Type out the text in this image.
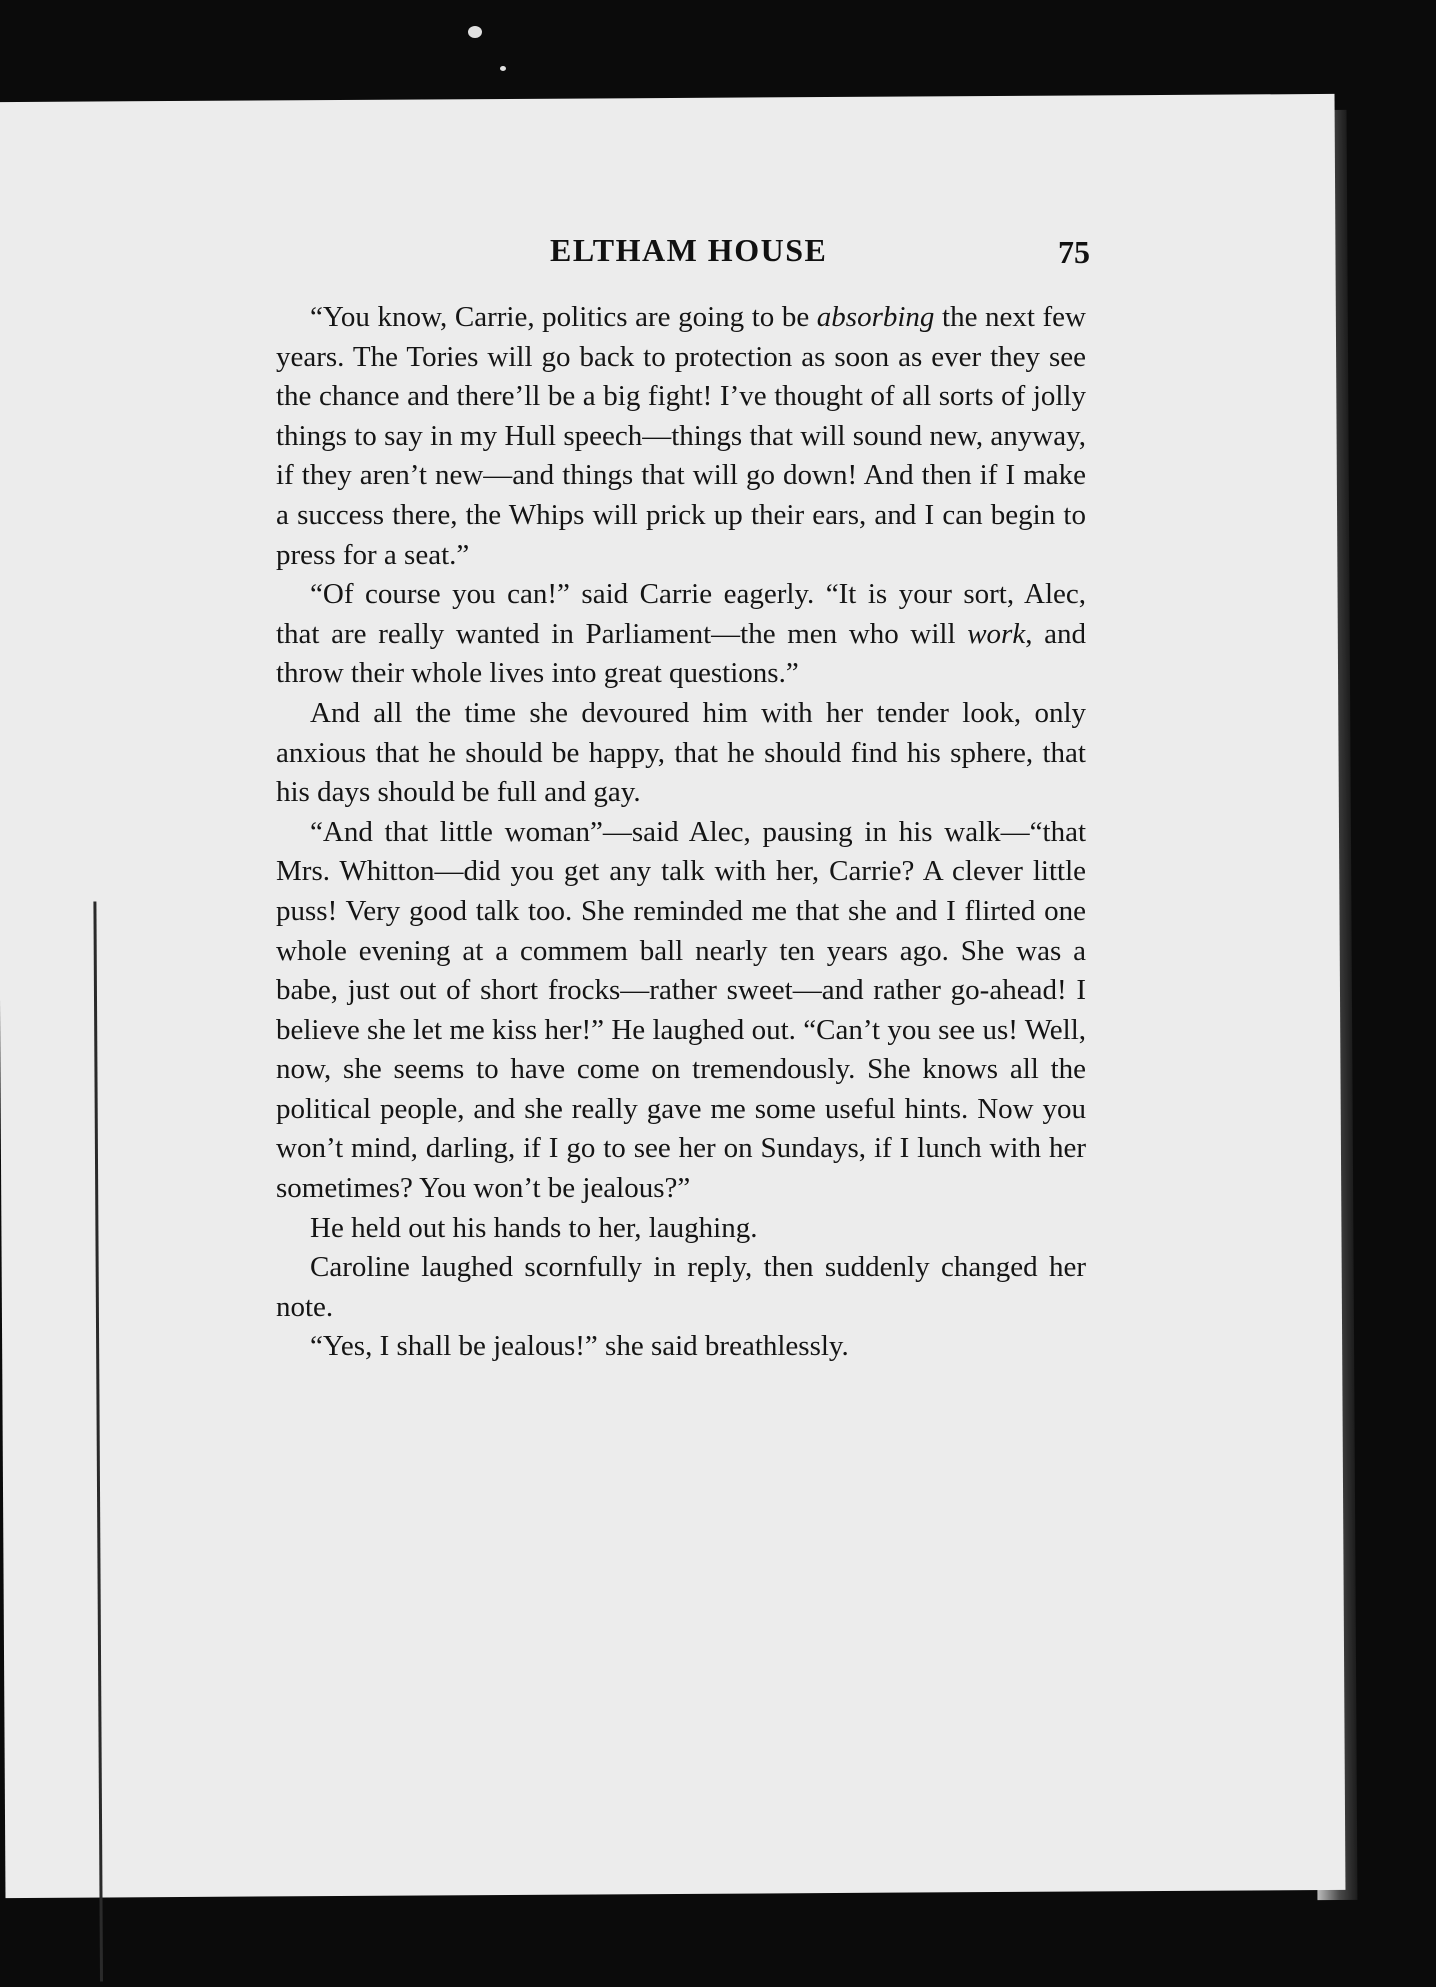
ELTHAM HOUSE	75

“You know, Carrie, politics are going to be absorbing the next few years. The Tories will go back to protection as soon as ever they see the chance and there’ll be a big fight! I’ve thought of all sorts of jolly things to say in my Hull speech—things that will sound new, anyway, if they aren’t new—and things that will go down! And then if I make a success there, the Whips will prick up their ears, and I can begin to press for a seat.”

“Of course you can!” said Carrie eagerly. “It is your sort, Alec, that are really wanted in Parliament—the men who will work, and throw their whole lives into great questions.”

And all the time she devoured him with her tender look, only anxious that he should be happy, that he should find his sphere, that his days should be full and gay.

“And that little woman”—said Alec, pausing in his walk—“that Mrs. Whitton—did you get any talk with her, Carrie? A clever little puss! Very good talk too. She reminded me that she and I flirted one whole evening at a commem ball nearly ten years ago. She was a babe, just out of short frocks—rather sweet—and rather go-ahead! I believe she let me kiss her!” He laughed out. “Can’t you see us! Well, now, she seems to have come on tremendously. She knows all the political people, and she really gave me some useful hints. Now you won’t mind, darling, if I go to see her on Sundays, if I lunch with her sometimes? You won’t be jealous?”

He held out his hands to her, laughing.

Caroline laughed scornfully in reply, then suddenly changed her note.

“Yes, I shall be jealous!” she said breathlessly.
